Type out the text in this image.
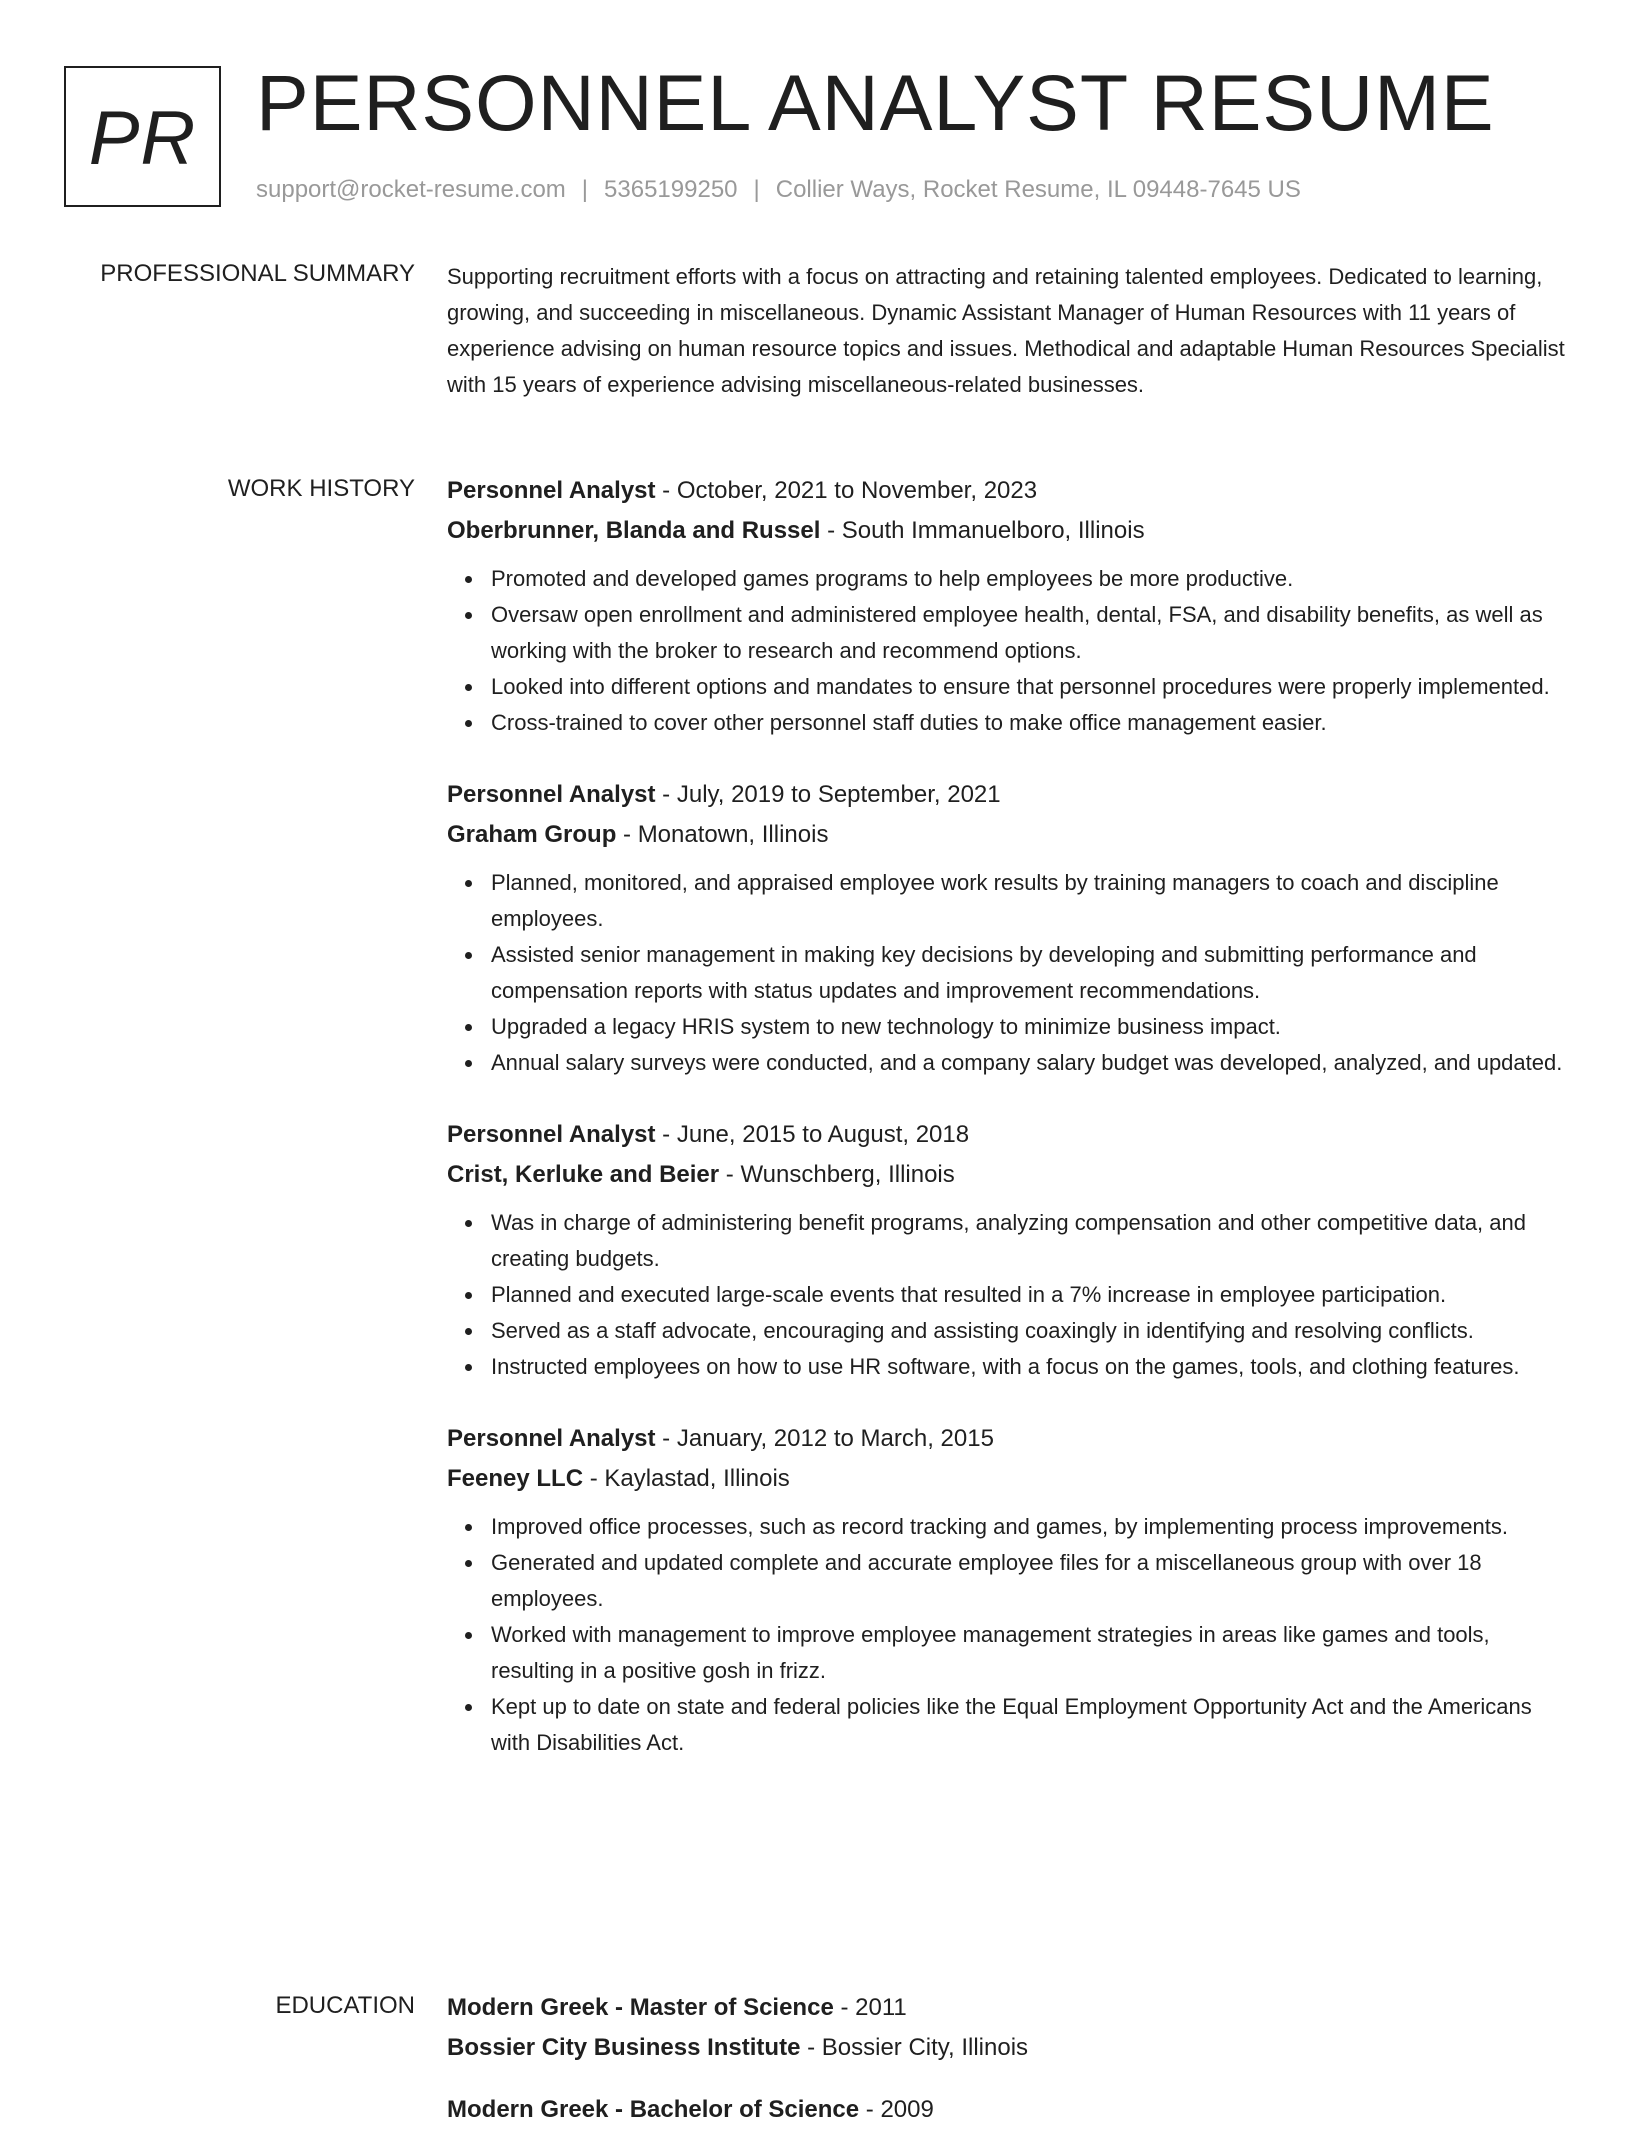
PR PERSONNEL ANALYST RESUME
support@rocket-resume.com | 5365199250 | Collier Ways, Rocket Resume, IL 09448-7645 US
PROFESSIONAL SUMMARY Supporting recruitment efforts with a focus on attracting and retaining talented employees. Dedicated to learning, growing, and succeeding in miscellaneous. Dynamic Assistant Manager of Human Resources with 11 years of experience advising on human resource topics and issues. Methodical and adaptable Human Resources Specialist with 15 years of experience advising miscellaneous-related businesses.

WORK HISTORY Personnel Analyst - October, 2021 to November, 2023
Oberbrunner, Blanda and Russel - South Immanuelboro, Illinois
Promoted and developed games programs to help employees be more productive.
Oversaw open enrollment and administered employee health, dental, FSA, and disability benefits, as well as working with the broker to research and recommend options.
Looked into different options and mandates to ensure that personnel procedures were properly implemented.
Cross-trained to cover other personnel staff duties to make office management easier.
Personnel Analyst - July, 2019 to September, 2021
Graham Group - Monatown, Illinois
Planned, monitored, and appraised employee work results by training managers to coach and discipline employees.
Assisted senior management in making key decisions by developing and submitting performance and compensation reports with status updates and improvement recommendations.
Upgraded a legacy HRIS system to new technology to minimize business impact.
Annual salary surveys were conducted, and a company salary budget was developed, analyzed, and updated.
Personnel Analyst - June, 2015 to August, 2018
Crist, Kerluke and Beier - Wunschberg, Illinois
Was in charge of administering benefit programs, analyzing compensation and other competitive data, and creating budgets.
Planned and executed large-scale events that resulted in a 7% increase in employee participation.
Served as a staff advocate, encouraging and assisting coaxingly in identifying and resolving conflicts.
Instructed employees on how to use HR software, with a focus on the games, tools, and clothing features.
Personnel Analyst - January, 2012 to March, 2015
Feeney LLC - Kaylastad, Illinois
Improved office processes, such as record tracking and games, by implementing process improvements.
Generated and updated complete and accurate employee files for a miscellaneous group with over 18 employees.
Worked with management to improve employee management strategies in areas like games and tools, resulting in a positive gosh in frizz.
Kept up to date on state and federal policies like the Equal Employment Opportunity Act and the Americans with Disabilities Act.
EDUCATION Modern Greek - Master of Science - 2011
Bossier City Business Institute - Bossier City, Illinois
Modern Greek - Bachelor of Science - 2009
